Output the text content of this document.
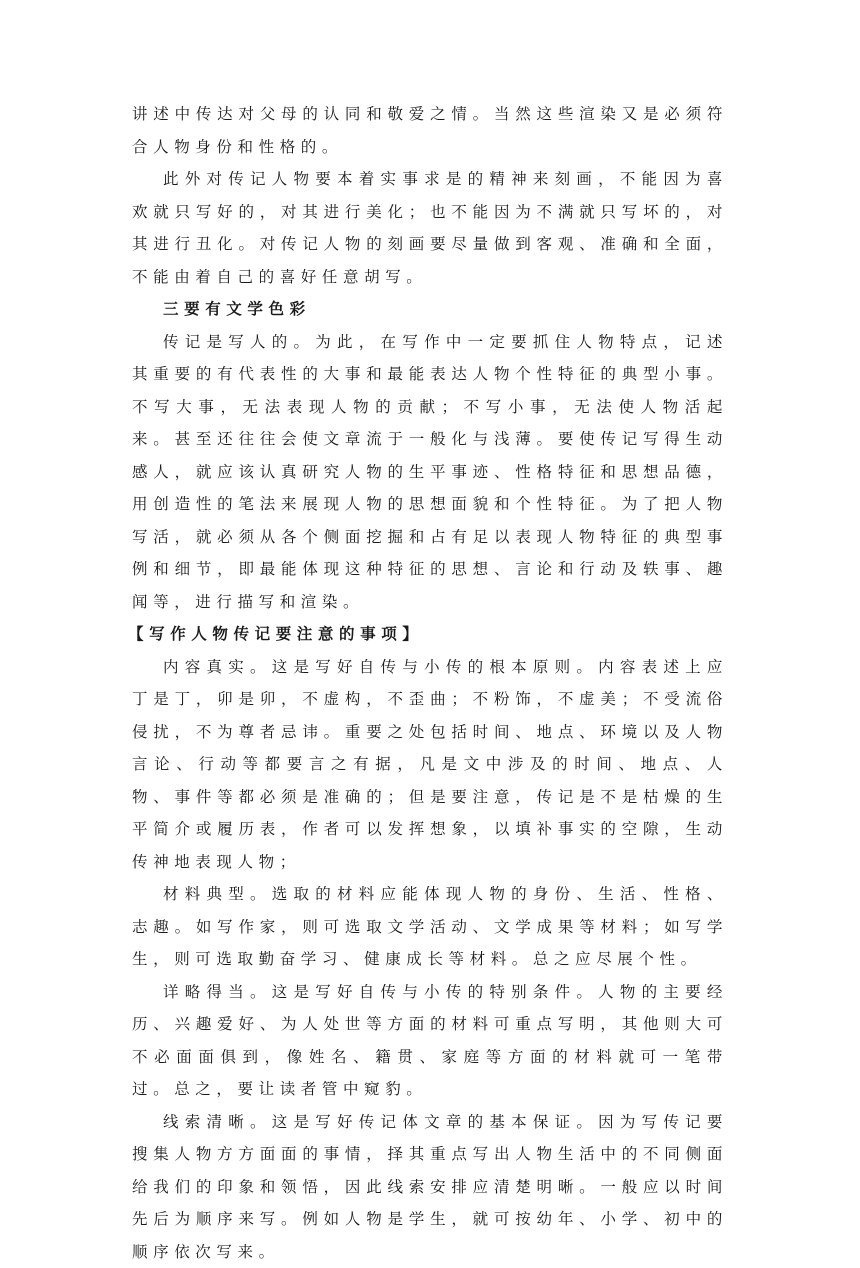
讲述中传达对父母的认同和敬爱之情。当然这些渲染又是必须符合人物身份和性格的。

此外对传记人物要本着实事求是的精神来刻画，不能因为喜欢就只写好的，对其进行美化；也不能因为不满就只写坏的，对其进行丑化。对传记人物的刻画要尽量做到客观、准确和全面，不能由着自己的喜好任意胡写。

三要有文学色彩

传记是写人的。为此，在写作中一定要抓住人物特点，记述其重要的有代表性的大事和最能表达人物个性特征的典型小事。不写大事，无法表现人物的贡献；不写小事，无法使人物活起来。甚至还往往会使文章流于一般化与浅薄。要使传记写得生动感人，就应该认真研究人物的生平事迹、性格特征和思想品德，用创造性的笔法来展现人物的思想面貌和个性特征。为了把人物写活，就必须从各个侧面挖掘和占有足以表现人物特征的典型事例和细节，即最能体现这种特征的思想、言论和行动及轶事、趣闻等，进行描写和渲染。

【写作人物传记要注意的事项】

内容真实。这是写好自传与小传的根本原则。内容表述上应丁是丁，卯是卯，不虚构，不歪曲；不粉饰，不虚美；不受流俗侵扰，不为尊者忌讳。重要之处包括时间、地点、环境以及人物言论、行动等都要言之有据，凡是文中涉及的时间、地点、人物、事件等都必须是准确的；但是要注意，传记是不是枯燥的生平简介或履历表，作者可以发挥想象，以填补事实的空隙，生动传神地表现人物；

材料典型。选取的材料应能体现人物的身份、生活、性格、志趣。如写作家，则可选取文学活动、文学成果等材料；如写学生，则可选取勤奋学习、健康成长等材料。总之应尽展个性。

详略得当。这是写好自传与小传的特别条件。人物的主要经历、兴趣爱好、为人处世等方面的材料可重点写明，其他则大可不必面面俱到，像姓名、籍贯、家庭等方面的材料就可一笔带过。总之，要让读者管中窥豹。

线索清晰。这是写好传记体文章的基本保证。因为写传记要搜集人物方方面面的事情，择其重点写出人物生活中的不同侧面给我们的印象和领悟，因此线索安排应清楚明晰。一般应以时间先后为顺序来写。例如人物是学生，就可按幼年、小学、初中的顺序依次写来。
